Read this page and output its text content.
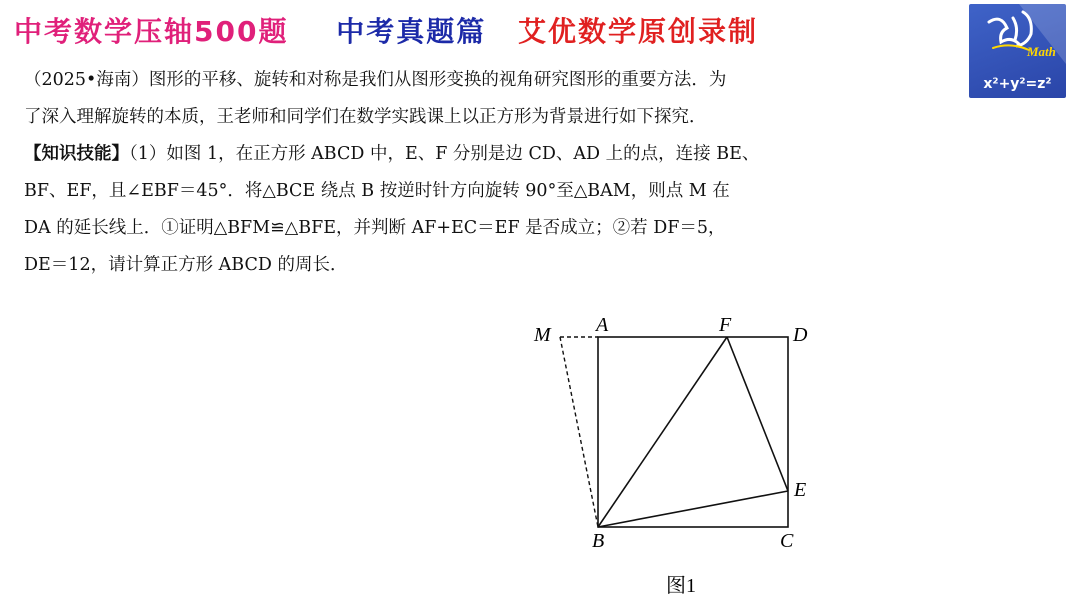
中考数学压轴500题 中考真题篇 艾优数学原创录制
Math
x²+y²=z²

（2025•海南）图形的平移、旋转和对称是我们从图形变换的视角研究图形的重要方法．为

了深入理解旋转的本质，王老师和同学们在数学实践课上以正方形为背景进行如下探究．

【知识技能】（1）如图 1，在正方形 ABCD 中，E、F 分别是边 CD、AD 上的点，连接 BE、

BF、EF，且∠EBF＝45°．将△BCE 绕点 B 按逆时针方向旋转 90°至△BAM，则点 M 在

DA 的延长线上．①证明△BFM≌△BFE，并判断 AF+EC＝EF 是否成立；②若 DF＝5，

DE＝12，请计算正方形 ABCD 的周长．

M A	F	D
E
B	C
图1
